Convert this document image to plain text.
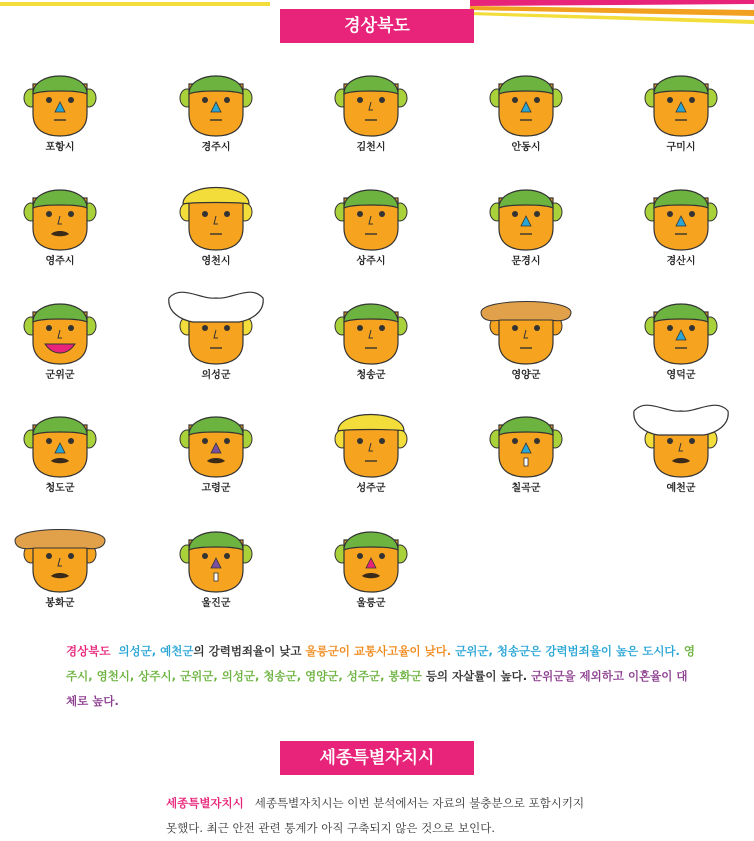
경상북도
포항시	경주시	김천시	안동시	구미시
영주시	영천시	상주시	문경시	경산시
군위군	의성군	청송군	영양군	영덕군
청도군	고령군	성주군	칠곡군	예천군
봉화군	울진군	울릉군
경상북도 의성군, 예천군의 강력범죄율이 낮고 울릉군이 교통사고율이 낮다. 군위군, 청송군은 강력범죄율이 높은 도시다. 영주시, 영천시, 상주시, 군위군, 의성군, 청송군, 영양군, 성주군, 봉화군 등의 자살률이 높다. 군위군을 제외하고 이혼율이 대체로 높다.
세종특별자치시
세종특별자치시 세종특별자치시는 이번 분석에서는 자료의 불충분으로 포함시키지 못했다. 최근 안전 관련 통계가 아직 구축되지 않은 것으로 보인다.
